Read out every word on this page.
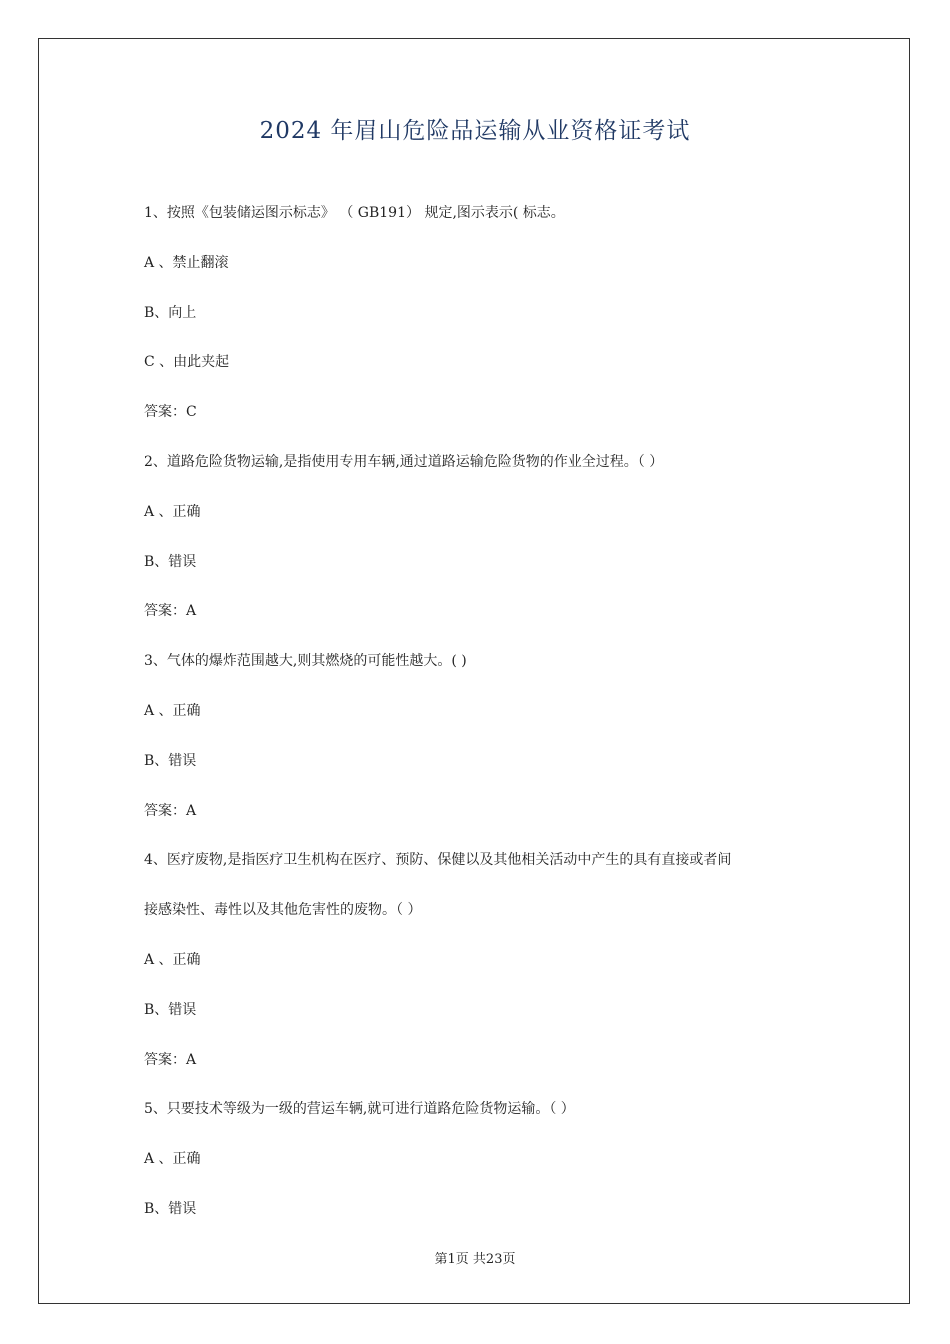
2024 年眉山危险品运输从业资格证考试
1、按照《包装储运图示标志》 （ GB191） 规定,图示表示( 标志。
A 、禁止翻滚
B、向上
C 、由此夹起
答案：C
2、道路危险货物运输,是指使用专用车辆,通过道路运输危险货物的作业全过程。（ ）
A 、正确
B、错误
答案：A
3、气体的爆炸范围越大,则其燃烧的可能性越大。( )
A 、正确
B、错误
答案：A
4、医疗废物,是指医疗卫生机构在医疗、预防、保健以及其他相关活动中产生的具有直接或者间
接感染性、毒性以及其他危害性的废物。（ ）
A 、正确
B、错误
答案：A
5、只要技术等级为一级的营运车辆,就可进行道路危险货物运输。（ ）
A 、正确
B、错误
第1页 共23页
